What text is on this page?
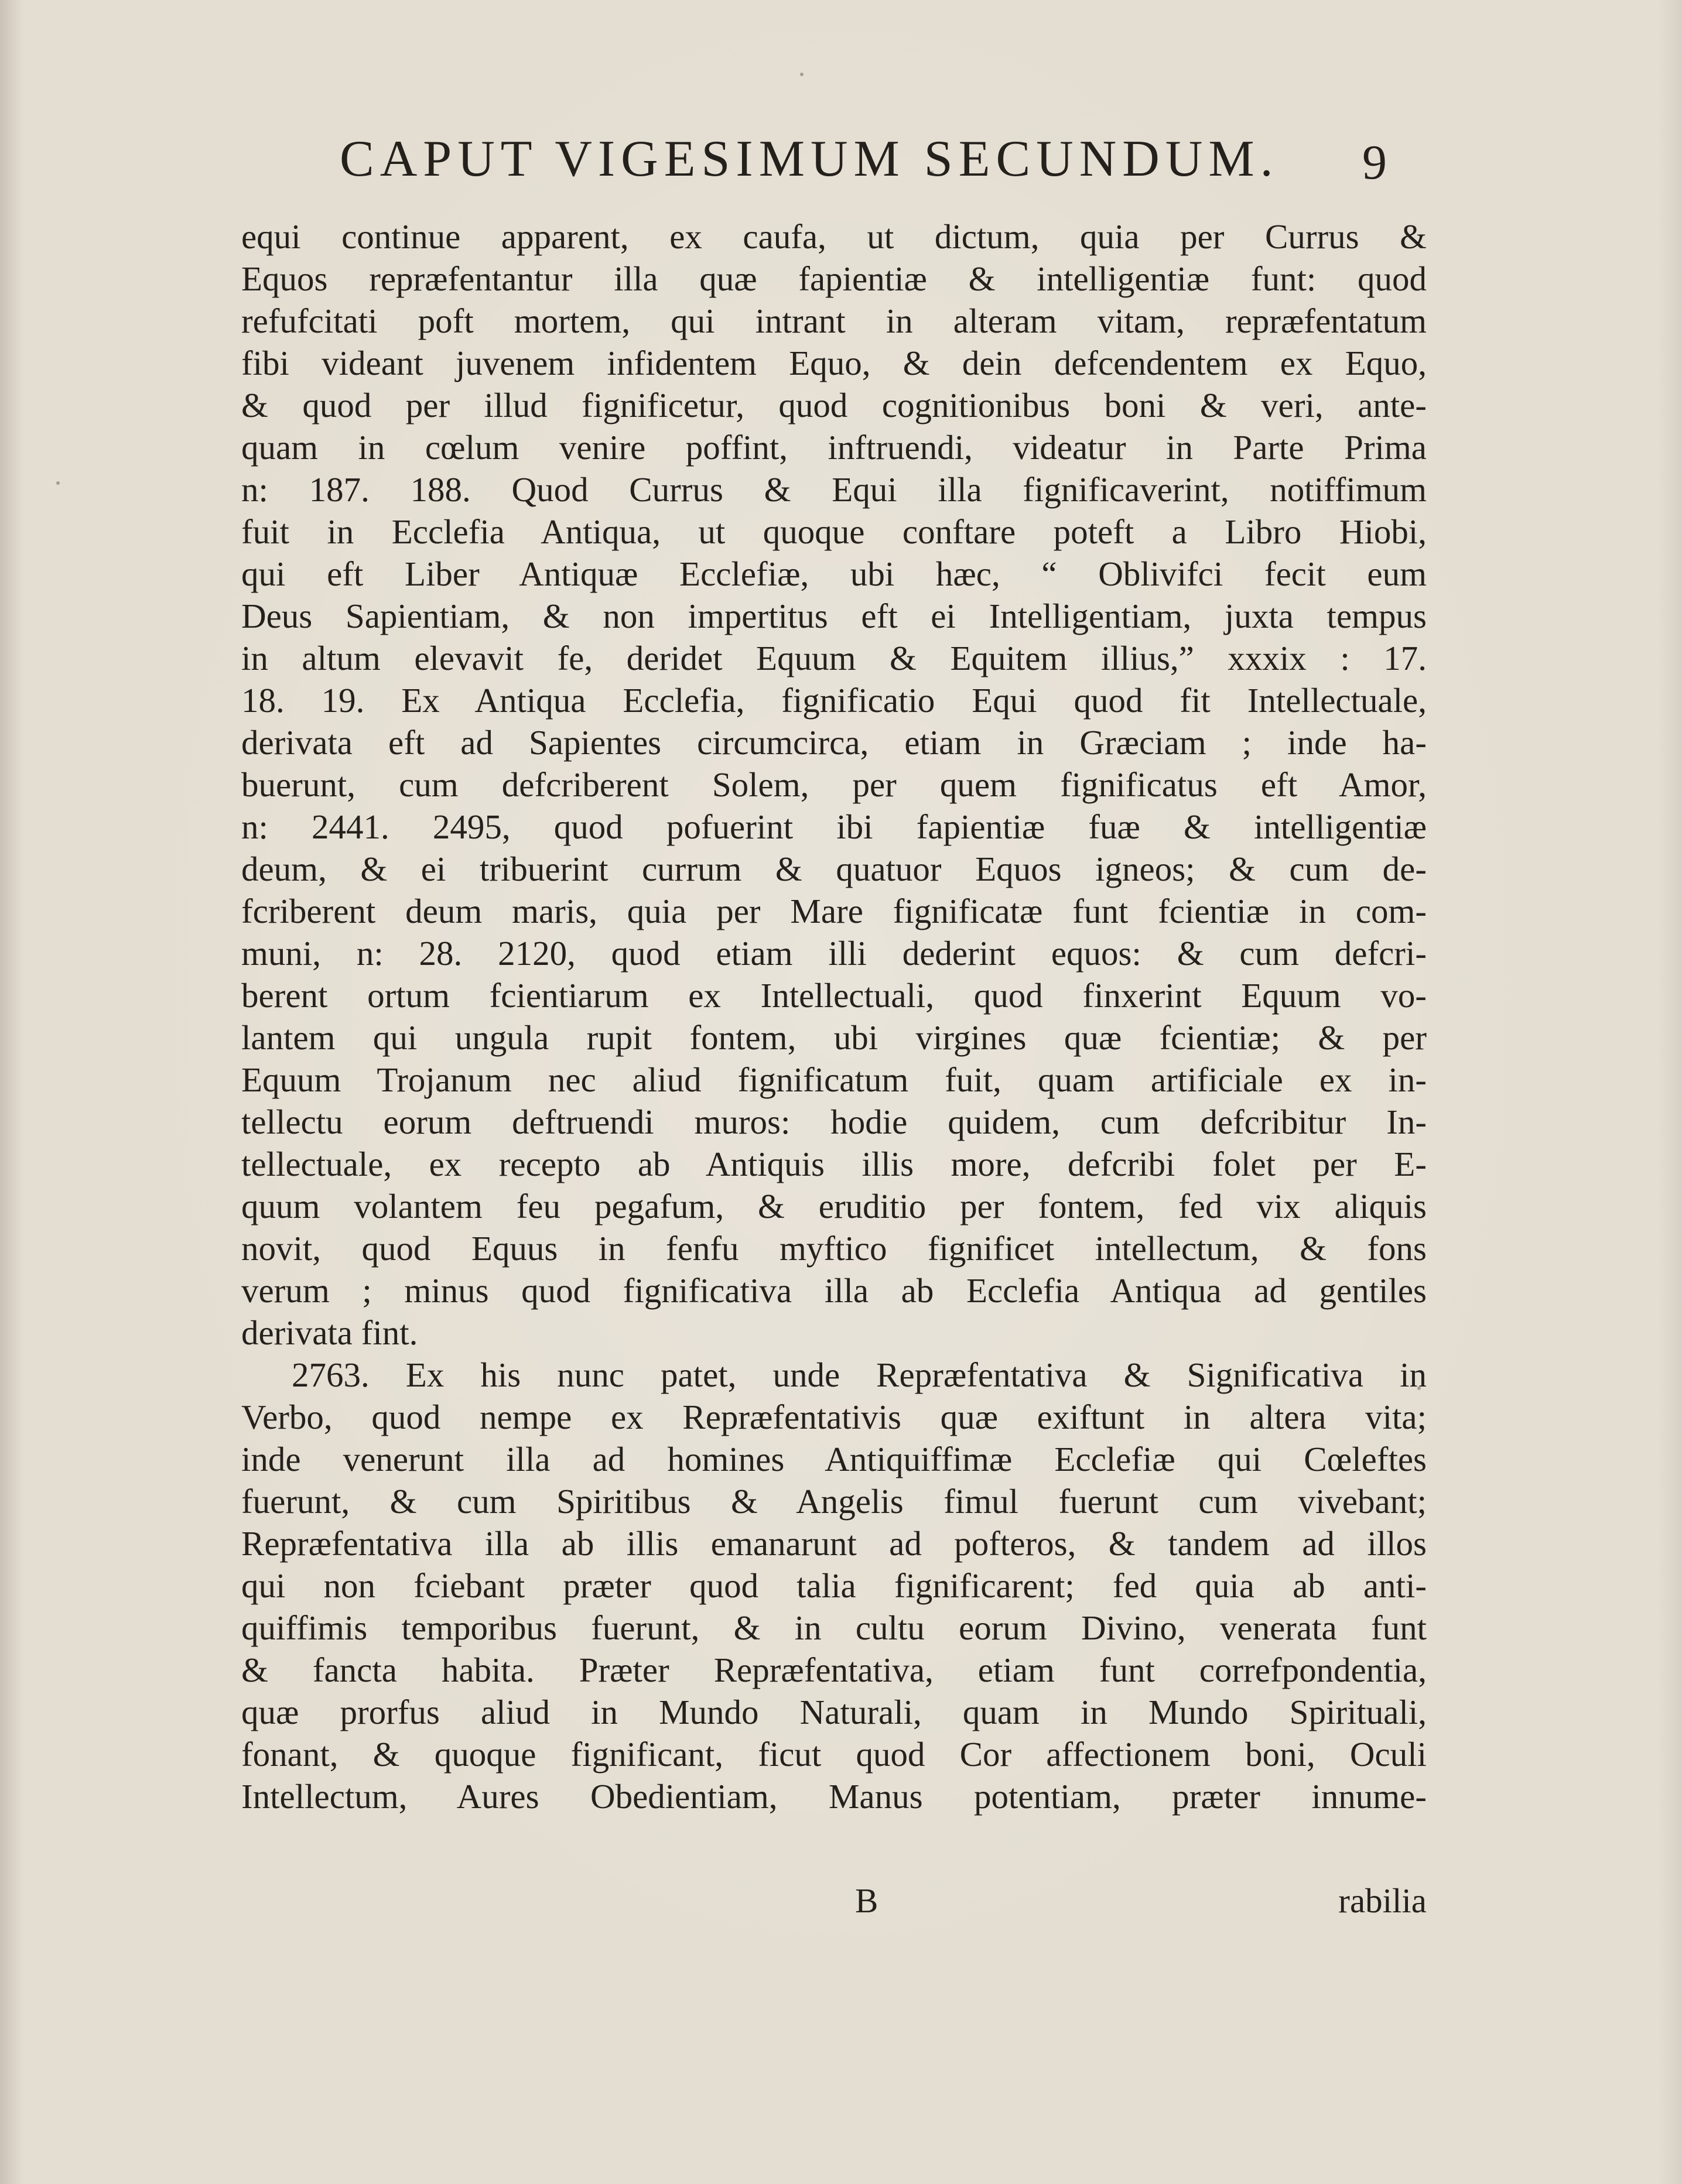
CAPUT VIGESIMUM SECUNDUM.	9
equi continue apparent, ex caufa, ut dictum, quia per Currus &
Equos repræfentantur illa quæ fapientiæ & intelligentiæ funt: quod
refufcitati poft mortem, qui intrant in alteram vitam, repræfentatum
fibi videant juvenem infidentem Equo, & dein defcendentem ex Equo,
& quod per illud fignificetur, quod cognitionibus boni & veri, ante-
quam in cœlum venire poffint, inftruendi, videatur in Parte Prima
n: 187. 188. Quod Currus & Equi illa fignificaverint, notiffimum
fuit in Ecclefia Antiqua, ut quoque conftare poteft a Libro Hiobi,
qui eft Liber Antiquæ Ecclefiæ, ubi hæc, “ Oblivifci fecit eum
Deus Sapientiam, & non impertitus eft ei Intelligentiam, juxta tempus
in altum elevavit fe, deridet Equum & Equitem illius,” xxxix : 17.
18. 19. Ex Antiqua Ecclefia, fignificatio Equi quod fit Intellectuale,
derivata eft ad Sapientes circumcirca, etiam in Græciam ; inde ha-
buerunt, cum defcriberent Solem, per quem fignificatus eft Amor,
n: 2441. 2495, quod pofuerint ibi fapientiæ fuæ & intelligentiæ
deum, & ei tribuerint currum & quatuor Equos igneos; & cum de-
fcriberent deum maris, quia per Mare fignificatæ funt fcientiæ in com-
muni, n: 28. 2120, quod etiam illi dederint equos: & cum defcri-
berent ortum fcientiarum ex Intellectuali, quod finxerint Equum vo-
lantem qui ungula rupit fontem, ubi virgines quæ fcientiæ; & per
Equum Trojanum nec aliud fignificatum fuit, quam artificiale ex in-
tellectu eorum deftruendi muros: hodie quidem, cum defcribitur In-
tellectuale, ex recepto ab Antiquis illis more, defcribi folet per E-
quum volantem feu pegafum, & eruditio per fontem, fed vix aliquis
novit, quod Equus in fenfu myftico fignificet intellectum, & fons
verum ; minus quod fignificativa illa ab Ecclefia Antiqua ad gentiles
derivata fint.
2763. Ex his nunc patet, unde Repræfentativa & Significativa in
Verbo, quod nempe ex Repræfentativis quæ exiftunt in altera vita;
inde venerunt illa ad homines Antiquiffimæ Ecclefiæ qui Cœleftes
fuerunt, & cum Spiritibus & Angelis fimul fuerunt cum vivebant;
Repræfentativa illa ab illis emanarunt ad pofteros, & tandem ad illos
qui non fciebant præter quod talia fignificarent; fed quia ab anti-
quiffimis temporibus fuerunt, & in cultu eorum Divino, venerata funt
& fancta habita. Præter Repræfentativa, etiam funt correfpondentia,
quæ prorfus aliud in Mundo Naturali, quam in Mundo Spirituali,
fonant, & quoque fignificant, ficut quod Cor affectionem boni, Oculi
Intellectum, Aures Obedientiam, Manus potentiam, præter innume-
B	rabilia
